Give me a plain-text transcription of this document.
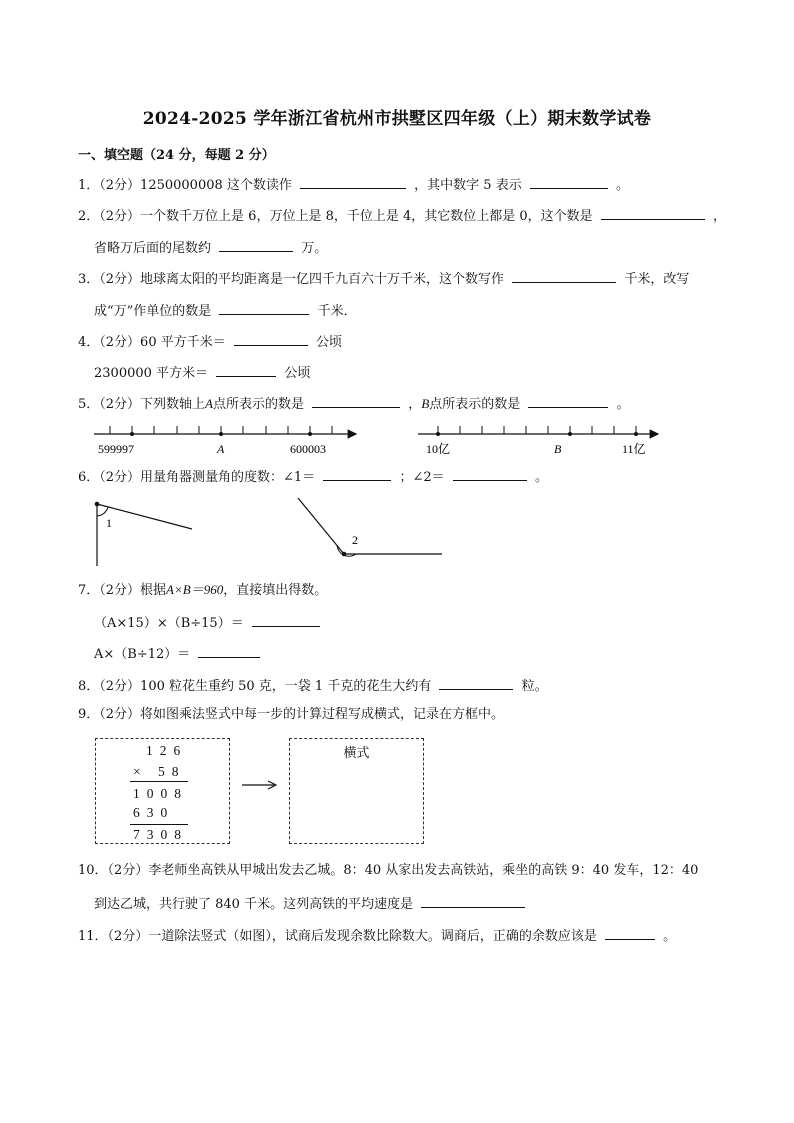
2024-2025 学年浙江省杭州市拱墅区四年级（上）期末数学试卷
一、填空题（24 分，每题 2 分）
1．（2分）1250000008 这个数读作	，其中数字 5 表示	。
2．（2分）一个数千万位上是 6，万位上是 8，千位上是 4，其它数位上都是 0，这个数是	，
省略万后面的尾数约	万。
3．（2分）地球离太阳的平均距离是一亿四千九百六十万千米，这个数写作	千米，改写
成“万”作单位的数是	千米．
4．（2分）60 平方千米＝	公顷
2300000 平方米＝	公顷
5．（2分）下列数轴上A点所表示的数是	，B点所表示的数是	。
599997	A	600003	10亿	B	11亿
6．（2分）用量角器测量角的度数：∠1＝	；∠2＝	。
1
2
7．（2分）根据A×B＝960，直接填出得数。
（A×15）×（B÷15）＝
A×（B÷12）＝
8．（2分）100 粒花生重约 50 克，一袋 1 千克的花生大约有	粒。
9．（2分）将如图乘法竖式中每一步的计算过程写成横式，记录在方框中。
126
× 58
1008
630
7308
横式
10．（2分）李老师坐高铁从甲城出发去乙城。8：40 从家出发去高铁站，乘坐的高铁 9：40 发车，12：40
到达乙城，共行驶了 840 千米。这列高铁的平均速度是
11．（2分）一道除法竖式（如图），试商后发现余数比除数大。调商后，正确的余数应该是	。
